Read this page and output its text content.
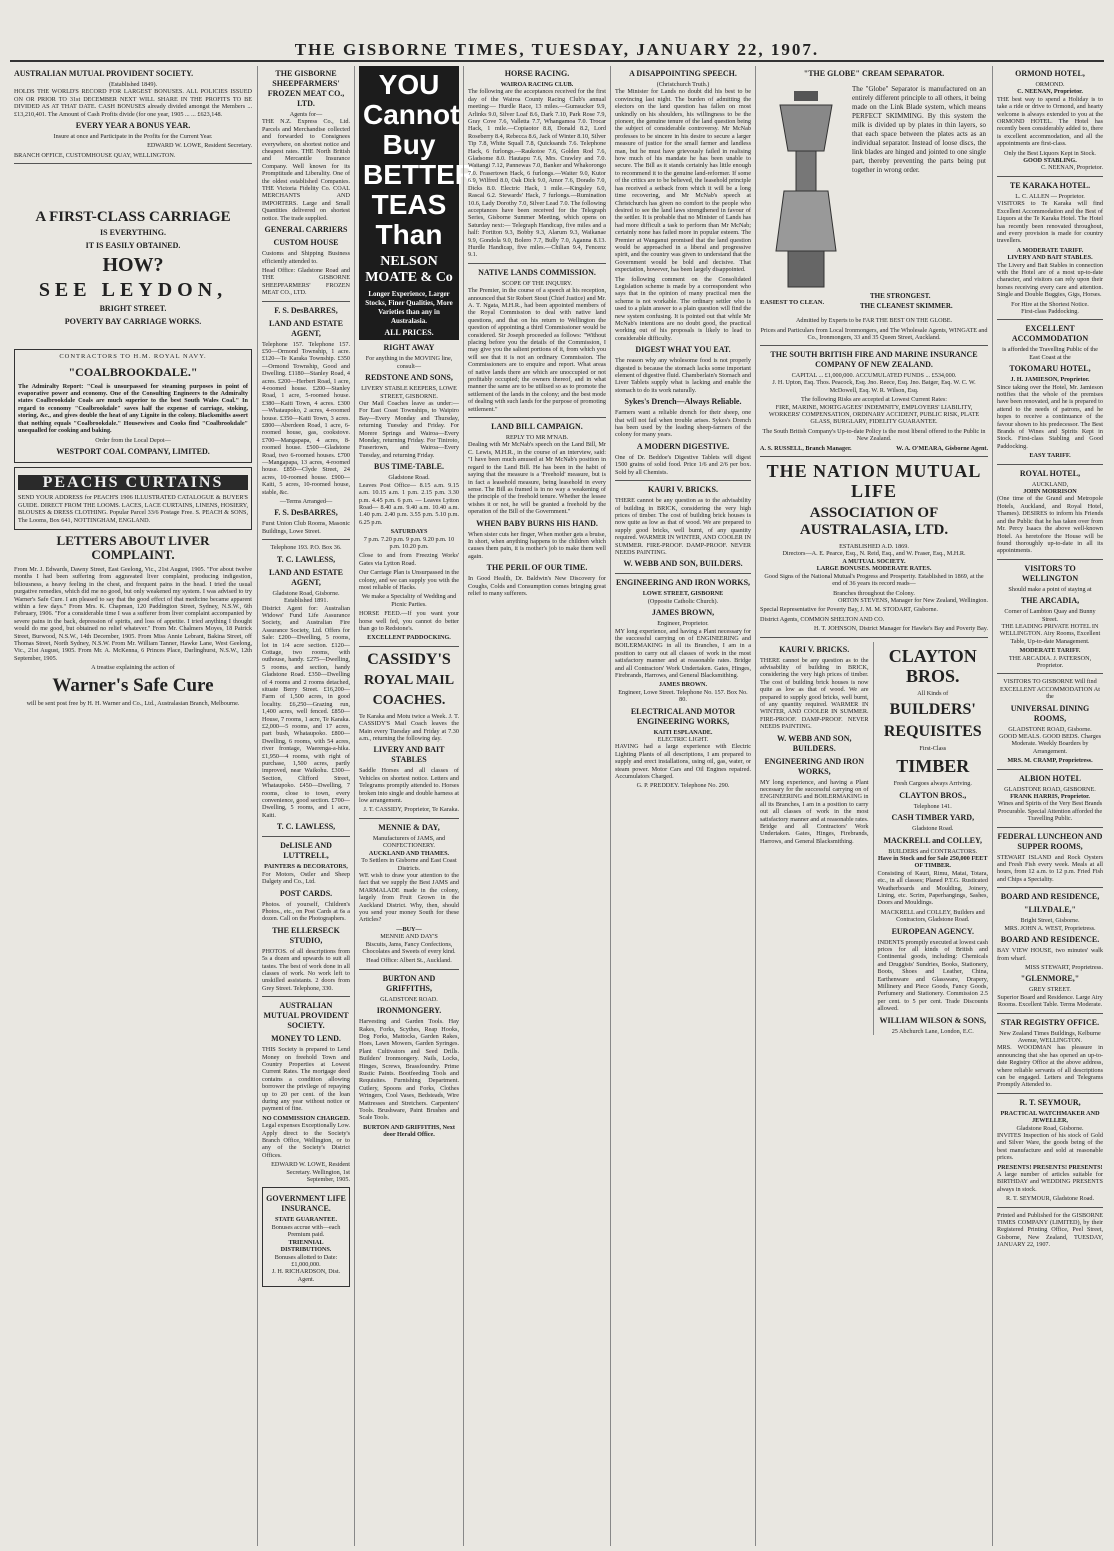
THE GISBORNE TIMES, TUESDAY, JANUARY 22, 1907.
AUSTRALIAN MUTUAL PROVIDENT SOCIETY.
(Established 1849).

HOLDS THE WORLD'S RECORD FOR LARGEST BONUSES. ALL POLICIES ISSUED ON OR PRIOR TO 31st DECEMBER NEXT WILL SHARE IN THE PROFITS TO BE DIVIDED AS AT THAT DATE. CASH BONUSES already divided amongst the Members ... £13,210,401. The Amount of Cash Profits divide (for one year, 1905 ... ... £623,148.

EVERY YEAR A BONUS YEAR.

Insure at once and Participate in the Profits for the Current Year.

EDWARD W. LOWE, Resident Secretary.

BRANCH OFFICE, CUSTOMHOUSE QUAY, WELLINGTON.

A FIRST-CLASS CARRIAGE
IS EVERYTHING.
IT IS EASILY OBTAINED.
HOW?
SEE LEYDON,
BRIGHT STREET.
POVERTY BAY CARRIAGE WORKS.
CONTRACTORS TO H.M. ROYAL NAVY.
"COALBROOKDALE."

The Admiralty Report: "Coal is unsurpassed for steaming purposes in point of evaporative power and economy. One of the Consulting Engineers to the Admiralty states Coalbrookdale Coals are much superior to the best South Wales Coal." In regard to economy "Coalbrookdale" saves half the expense of carriage, stoking, storing, &c., and gives double the heat of any Lignite in the colony. Blacksmiths assert that nothing equals "Coalbrookdale." Housewives and Cooks find "Coalbrookdale" unequalled for cooking and baking.

Order from the Local Depot—
WESTPORT COAL COMPANY, LIMITED.
PEACHS CURTAINS

SEND YOUR ADDRESS for PEACH'S 1906 ILLUSTRATED CATALOGUE & BUYER'S GUIDE. DIRECT FROM THE LOOMS. LACES, LACE CURTAINS, LINENS, HOSIERY, BLOUSES & DRESS CLOTHING. Popular Parcel 33/6 Postage Free. S. PEACH & SONS, The Looms, Box 641, NOTTINGHAM, ENGLAND.

LETTERS ABOUT LIVER COMPLAINT.

From Mr. J. Edwards, Dawny Street, East Geelong, Vic., 21st August, 1905. "For about twelve months I had been suffering from aggravated liver complaint, producing indigestion, biliousness, a heavy feeling in the chest, and frequent pains in the head. I tried the usual purgative remedies, which did me no good, but only weakened my system. I was advised to try Warner's Safe Cure. I am pleased to say that the good effect of that medicine became apparent within a few days." From Mrs. K. Chapman, 120 Paddington Street, Sydney, N.S.W., 6th February, 1906. "For a considerable time I was a sufferer from liver complaint accompanied by severe pains in the back, depression of spirits, and loss of appetite. I tried anything I thought would do me good, but obtained no relief whatever." From Mr. Chalmers Moyes, 18 Patrick Street, Burwood, N.S.W., 14th December, 1905. From Miss Annie Lebrant, Bakina Street, off Thomas Street, North Sydney, N.S.W. From Mr. William Tanner, Hawke Lane, West Geelong, Vic., 21st August, 1905. From Mr. A. McKenna, 6 Princes Place, Darlinghurst, N.S.W., 12th September, 1905.

A treatise explaining the action of
Warner's Safe Cure
will be sent post free by H. H. Warner and Co., Ltd., Australasian Branch, Melbourne.
THE GISBORNE SHEEPFARMERS' FROZEN MEAT CO., LTD.
Agents for—

THE N.Z. Express Co., Ltd. Parcels and Merchandise collected and forwarded to Consignees everywhere, on shortest notice and cheapest rates. THE North British and Mercantile Insurance Company. Well known for its Promptitude and Liberality. One of the oldest established Companies. THE Victoria Fidelity Co. COAL MERCHANTS AND IMPORTERS. Large and Small Quantities delivered on shortest notice. The trade supplied.

GENERAL CARRIERS
CUSTOM HOUSE

Customs and Shipping Business efficiently attended to.

Head Office: Gladstone Road and THE GISBORNE SHEEPFARMERS' FROZEN MEAT CO., LTD.

F. S. DesBARRES,
LAND AND ESTATE AGENT,

Telephone 157. Telephone 157. £50—Ormond Township, 1 acre. £120—Te Karaka Township. £350—Ormond Township, Good and Dwelling. £1180—Stanley Road, 4 acres. £200—Herbert Road, 1 acre, 4-roomed house. £200—Stanley Road, 1 acre, 5-roomed house. £380—Kaiti Town, 4 acres. £300—Whataupoko, 2 acres, 4-roomed house. £350—Kaiti Town, 3 acres. £800—Aberdeen Road, 1 acre, 6-roomed house, gas, cookstove. £700—Mangapapa, 4 acres, 8-roomed house. £500—Gladstone Road, two 6-roomed houses. £700—Mangapapa, 13 acres, 4-roomed house. £850—Clyde Street, 24 acres, 10-roomed house. £900—Kaiti, 5 acres, 10-roomed house, stable, &c.

—Terms Arranged—
F. S. DesBARRES,

Furst Union Club Rooms, Masonic Buildings, Lowe Street.

Telephone 193. P.O. Box 36.
T. C. LAWLESS,
LAND AND ESTATE AGENT,
Gladstone Road, Gisborne.
Established 1891.

District Agent for: Australian Widows' Fund Life Assurance Society, and Australian Fire Assurance Society, Ltd. Offers for Sale: £200—Dwelling, 5 rooms, lot in 1/4 acre section. £120—Cottage, two rooms, with outhouse, handy. £275—Dwelling, 5 rooms, and section, handy Gladstone Road. £350—Dwelling of 4 rooms and 2 rooms detached, situate Berry Street. £16,200—Farm of 1,500 acres, in good locality. £6,250—Grazing run, 1,400 acres, well fenced. £850—House, 7 rooms, 1 acre, Te Karaka. £2,000—5 rooms, and 17 acres, part bush, Whataupoko. £800—Dwelling, 6 rooms, with 54 acres, river frontage, Waerenga-a-hika. £1,950—4 rooms, with right of purchase, 1,500 acres, partly improved, near Waikohu. £300—Section, Clifford Street, Whataupoko. £450—Dwelling, 7 rooms, close to town, every convenience, good section. £700—Dwelling, 5 rooms, and 1 acre, Kaiti.

T. C. LAWLESS,
DeLISLE AND LUTTRELL,
PAINTERS & DECORATORS,

For Motors, Ostler and Sheep Dalgety and Co., Ltd.

POST CARDS.

Photos. of yourself, Children's Photos., etc., on Post Cards at 6s a dozen. Call on the Photographers.

THE ELLERSECK STUDIO,

PHOTOS. of all descriptions from 5s a dozen and upwards to suit all tastes. The best of work done in all classes of work. No work left to unskilled assistants. 2 doors from Grey Street. Telephone, 330.

AUSTRALIAN MUTUAL PROVIDENT SOCIETY.
MONEY TO LEND.

THIS Society is prepared to Lend Money on freehold Town and Country Properties at Lowest Current Rates. The mortgage deed contains a condition allowing borrower the privilege of repaying up to 20 per cent. of the loan during any year without notice or payment of fine.

NO COMMISSION CHARGED.

Legal expenses Exceptionally Low. Apply direct to the Society's Branch Office, Wellington, or to any of the Society's District Offices.

EDWARD W. LOWE, Resident Secretary. Wellington, 1st September, 1905.

GOVERNMENT LIFE INSURANCE.
STATE GUARANTEE.
Bonuses accrue with—each Premium paid.
TRIENNIAL DISTRIBUTIONS.
Bonuses allotted to Date: £1,000,000.
J. H. RICHARDSON, Dist. Agent.
YOU
Cannot
Buy
BETTER
TEAS
Than
NELSON MOATE & Co
Longer Experience, Larger Stocks, Finer Qualities, More Varieties than any in Australasia.
ALL PRICES.
RIGHT AWAY

For anything in the MOVING line, consult—

REDSTONE AND SONS,
LIVERY STABLE KEEPERS, LOWE STREET, GISBORNE.

Our Mail Coaches leave as under:— For East Coast Townships, to Waipiro Bay—Every Monday and Thursday, returning Tuesday and Friday. For Morere Springs and Wairoa—Every Monday, returning Friday. For Tiniroto, Frasertown, and Wairoa—Every Tuesday, and returning Friday.

BUS TIME-TABLE.
Gladstone Road.

Leaves Post Office— 8.15 a.m. 9.15 a.m. 10.15 a.m. 1 p.m. 2.15 p.m. 3.30 p.m. 4.45 p.m. 6 p.m. — Leaves Lytton Road— 8.40 a.m. 9.40 a.m. 10.40 a.m. 1.40 p.m. 2.40 p.m. 3.55 p.m. 5.10 p.m. 6.25 p.m.

SATURDAYS

7 p.m. 7.20 p.m. 9 p.m. 9.20 p.m. 10 p.m. 10.20 p.m.

Close to and from Freezing Works' Gates via Lytton Road.

Our Carriage Plan is Unsurpassed in the colony, and we can supply you with the most reliable of Hacks.

We make a Speciality of Wedding and Picnic Parties.

HORSE FEED.—If you want your horse well fed, you cannot do better than go to Redstone's.

EXCELLENT PADDOCKING.
CASSIDY'S
ROYAL MAIL
COACHES.

Te Karaka and Motu twice a Week. J. T. CASSIDY'S Mail Coach leaves the Main every Tuesday and Friday at 7.30 a.m., returning the following day.

LIVERY AND BAIT STABLES

Saddle Horses and all classes of Vehicles on shortest notice. Letters and Telegrams promptly attended to. Horses broken into single and double harness at low arrangement.

J. T. CASSIDY, Proprietor, Te Karaka.

MENNIE & DAY,
Manufacturers of JAMS, and CONFECTIONERY.
AUCKLAND AND THAMES.
To Settlers in Gisborne and East Coast Districts.

WE wish to draw your attention to the fact that we supply the Best JAMS and MARMALADE made in the colony, largely from Fruit Grown in the Auckland District. Why, then, should you send your money South for these Articles?

—BUY—
MENNIE AND DAY'S

Biscuits, Jams, Fancy Confections, Chocolates and Sweets of every kind.

Head Office: Albert St., Auckland.

BURTON AND GRIFFITHS,
GLADSTONE ROAD.
IRONMONGERY.

Harvesting and Garden Tools. Hay Rakes, Forks, Scythes, Reap Hooks, Dog Forks, Mattocks, Garden Rakes, Hoes, Lawn Mowers, Garden Syringes. Plant Cultivators and Seed Drills. Builders' Ironmongery. Nails, Locks, Hinges, Screws, Brassfoundry. Prime Rustic Paints. Bootfeeding Tools and Requisites. Furnishing Department. Cutlery, Spoons and Forks, Clothes Wringers, Cool Vases, Bedsteads, Wire Mattresses and Stretchers. Carpenters' Tools. Brushware, Paint Brushes and Scale Tools.

BURTON AND GRIFFITHS, Next door Herald Office.

HORSE RACING.
WAIROA RACING CLUB.

The following are the acceptances received for the first day of the Wairoa County Racing Club's annual meeting:— Hurdle Race, 13 miles.—Gumsucker 9.9, Arlinks 9.0, Silver Loaf 8.6, Dark 7.10, Park Rose 7.9, Gray Cove 7.6, Valletta 7.7, Whangamoa 7.0. Trocar Hack, 1 mile.—Copiaotor 8.8, Donald 8.2, Lord Roseberry 8.4, Rebecca 8.6, Jack of Winter 8.10, Silver Tip 7.8, White Squall 7.8, Quicksands 7.6. Telephone Hack, 6 furlongs.—Raukotoe 7.6, Golden Rod 7.6, Gladsome 8.0. Hautapu 7.6, Mrs. Crawley and 7.0. Waitangi 7.12, Pannewas 7.0, Banker and Whakorongo 7.0. Frasertown Hack, 6 furlongs.—Waiter 9.0, Kutor 6.9, Wilfred 8.0, Oak Dick 9.0, Amor 7.6, Dorado 7.0, Dicks 8.0. Electric Hack, 1 mile.—Kingsley 6.0, Rascal 6.2. Stewards' Hack, 7 furlongs.—Rumination 10.6, Lady Dorothy 7.0, Silver Lead 7.0. The following acceptances have been received for the Telegraph Series, Gisborne Summer Meeting, which opens on Saturday next:— Telegraph Handicap, five miles and a half: Fortiton 9.3, Bobby 9.3, Alarum 9.3, Waikanae 9.9, Gondola 9.0, Bolero 7.7, Bully 7.0, Aganna 8.13. Hurdle Handicap, five miles.—Chilian 9.4, Fencenz 9.1.

NATIVE LANDS COMMISSION.
SCOPE OF THE INQUIRY.

The Premier, in the course of a speech at his reception, announced that Sir Robert Stout (Chief Justice) and Mr. A. T. Ngata, M.H.R., had been appointed members of the Royal Commission to deal with native land questions, and that on his return to Wellington the question of appointing a third Commissioner would be considered. Sir Joseph proceeded as follows: "Without placing before you the details of the Commission, I may give you the salient portions of it, from which you will see that it is not an ordinary Commission. The Commissioners are to enquire and report. What areas of native lands there are which are unoccupied or not profitably occupied; the owners thereof, and in what manner the same are to be utilised so as to promote the settlement of the lands in the colony; and the best mode of dealing with such lands for the purpose of promoting settlement."

LAND BILL CAMPAIGN.
REPLY TO MR M'NAB.

Dealing with Mr McNab's speech on the Land Bill, Mr C. Lewis, M.H.R., in the course of an interview, said: "I have been much amused at Mr McNab's position in regard to the Land Bill. He has been in the habit of saying that the measure is a 'Freehold' measure, but is in fact a leasehold measure, being leasehold in every sense. The Bill as framed is in no way a weakening of the principle of the freehold tenure. Whether the lessee wishes it or not, he will be granted a freehold by the operation of the Bill of the Government."

WHEN BABY BURNS HIS HAND.

When sister cuts her finger, When mother gets a bruise, In short, when anything happens to the children which causes them pain, it is mother's job to make them well again.

THE PERIL OF OUR TIME.

In Good Health, Dr. Baldwin's New Discovery for Coughs, Colds and Consumption comes bringing great relief to many sufferers.

A DISAPPOINTING SPEECH.
(Christchurch Truth.)

The Minister for Lands no doubt did his best to be convincing last night. The burden of admitting the electors on the land question has fallen on most unkindly on his shoulders, his willingness to be the pioneer, the genuine tenure of the land question being the subject of considerable controversy. Mr McNab professes to be sincere in his desire to secure a larger measure of justice for the small farmer and landless man, but he must have grievously failed in realising how much of his mandate he has been unable to secure. The Bill as it stands certainly has little enough to recommend it to the genuine land-reformer. If some of the critics are to be believed, the leasehold principle has received a setback from which it will be a long time recovering, and Mr McNab's speech at Christchurch has given no comfort to the people who desired to see the land laws strengthened in favour of the settler. It is probable that no Minister of Lands has had more difficult a task to perform than Mr McNab; certainly none has failed more in popular esteem. The Premier at Wanganui promised that the land question would be approached in a liberal and progressive spirit, and the country was given to understand that the Government would be bold and decisive. That expectation, however, has been largely disappointed.

The following comment on the Consolidated Legislation scheme is made by a correspondent who says that in the opinion of many practical men the scheme is not workable. The ordinary settler who is used to a plain answer to a plain question will find the new system confusing. It is pointed out that while Mr McNab's intentions are no doubt good, the practical working out of his proposals is likely to lead to considerable difficulty.

DIGEST WHAT YOU EAT.

The reason why any wholesome food is not properly digested is because the stomach lacks some important element of digestive fluid. Chamberlain's Stomach and Liver Tablets supply what is lacking and enable the stomach to do its work naturally.

Sykes's Drench—Always Reliable.

Farmers want a reliable drench for their sheep, one that will not fail when trouble arises. Sykes's Drench has been used by the leading sheep-farmers of the colony for many years.

A MODERN DIGESTIVE.

One of Dr. Beddoe's Digestive Tablets will digest 1500 grains of solid food. Price 1/6 and 2/6 per box. Sold by all Chemists.

KAURI V. BRICKS.

THERE cannot be any question as to the advisability of building in BRICK, considering the very high prices of timber. The cost of building brick houses is now quite as low as that of wood. We are prepared to supply good bricks, well burnt, of any quantity required. WARMER IN WINTER, AND COOLER IN SUMMER. FIRE-PROOF. DAMP-PROOF. NEVER NEEDS PAINTING.

W. WEBB AND SON, BUILDERS.
ENGINEERING AND IRON WORKS,
LOWE STREET, GISBORNE
(Opposite Catholic Church).
JAMES BROWN,
Engineer, Proprietor.

MY long experience, and having a Plant necessary for the successful carrying on of ENGINEERING and BOILERMAKING in all its Branches, I am in a position to carry out all classes of work in the most satisfactory manner and at reasonable rates. Bridge and all Contractors' Work Undertaken. Gates, Hinges, Firebrands, Harrows, and General Blacksmithing.

JAMES BROWN.

Engineer, Lowe Street. Telephone No. 157. Box No. 80.

ELECTRICAL AND MOTOR ENGINEERING WORKS,
KAITI ESPLANADE.
ELECTRIC LIGHT.

HAVING had a large experience with Electric Lighting Plants of all descriptions, I am prepared to supply and erect installations, using oil, gas, water, or steam power. Motor Cars and Oil Engines repaired. Accumulators Charged.

G. P. PREDDEY. Telephone No. 290.

"THE GLOBE" CREAM SEPARATOR.

The "Globe" Separator is manufactured on an entirely different principle to all others, it being made on the Link Blade system, which means PERFECT SKIMMING. By this system the milk is divided up by plates in thin layers, so that each space between the plates acts as an individual separator. Instead of loose discs, the link blades are hinged and jointed to one single part, thereby preventing the parts being put together in wrong order.

EASIEST TO CLEAN.
THE STRONGEST.
THE CLEANEST SKIMMER.
Admitted by Experts to be FAR THE BEST ON THE GLOBE.
Prices and Particulars from Local Ironmongers, and The Wholesale Agents, WINGATE and Co., Ironmongers, 33 and 35 Queen Street, Auckland.
THE SOUTH BRITISH FIRE AND MARINE INSURANCE COMPANY OF NEW ZEALAND.
CAPITAL ... £1,000,000. ACCUMULATED FUNDS ... £534,000.

J. H. Upton, Esq. Thos. Peacock, Esq. Jno. Reece, Esq. Jno. Batger, Esq. W. C. W. McDowell, Esq. W. R. Wilson, Esq.

The following Risks are accepted at Lowest Current Rates:

FIRE, MARINE, MORTGAGEES' INDEMNITY, EMPLOYERS' LIABILITY, WORKERS' COMPENSATION, ORDINARY ACCIDENT, PUBLIC RISK, PLATE GLASS, BURGLARY, FIDELITY GUARANTEE.

The South British Company's Up-to-date Policy is the most liberal offered to the Public in New Zealand.

A. S. RUSSELL, Branch Manager.	W. A. O'MEARA, Gisborne Agent.
THE NATION MUTUAL LIFE
ASSOCIATION OF AUSTRALASIA, LTD.
ESTABLISHED A.D. 1869.
Directors—A. E. Pearce, Esq., N. Reid, Esq., and W. Fraser, Esq., M.H.R.
A MUTUAL SOCIETY.
LARGE BONUSES. MODERATE RATES.

Good Signs of the National Mutual's Progress and Prosperity. Established in 1869, at the end of 36 years its record reads—

Branches throughout the Colony.

ORTON STEVENS, Manager for New Zealand, Wellington.

Special Representative for Poverty Bay, J. M. M. STODART, Gisborne.

District Agents, COMMON SHELTON AND CO.

H. T. JOHNSON, District Manager for Hawke's Bay and Poverty Bay.

KAURI V. BRICKS.

THERE cannot be any question as to the advisability of building in BRICK, considering the very high prices of timber. The cost of building brick houses is now quite as low as that of wood. We are prepared to supply good bricks, well burnt, of any quantity required. WARMER IN WINTER, AND COOLER IN SUMMER. FIRE-PROOF. DAMP-PROOF. NEVER NEEDS PAINTING.

W. WEBB AND SON, BUILDERS.
ENGINEERING AND IRON WORKS,

MY long experience, and having a Plant necessary for the successful carrying on of ENGINEERING and BOILERMAKING in all its Branches, I am in a position to carry out all classes of work in the most satisfactory manner and at reasonable rates. Bridge and all Contractors' Work Undertaken. Gates, Hinges, Firebrands, Harrows, and General Blacksmithing.

CLAYTON BROS.
All Kinds of
BUILDERS'
REQUISITES
First-Class
TIMBER
Fresh Cargoes always Arriving.
CLAYTON BROS.,
Telephone 141.
CASH TIMBER YARD,
Gladstone Road.
MACKRELL and COLLEY,
BUILDERS and CONTRACTORS.
Have in Stock and for Sale 250,000 FEET OF TIMBER.

Consisting of Kauri, Rimu, Matai, Totara, etc., in all classes; Planed P.T.G. Rusticated Weatherboards and Moulding, Joinery, Lining, etc. Scrim, Paperhangings, Sashes, Doors and Mouldings.

MACKRELL and COLLEY, Builders and Contractors, Gladstone Road.

EUROPEAN AGENCY.

INDENTS promptly executed at lowest cash prices for all kinds of British and Continental goods, including: Chemicals and Druggists' Sundries, Books, Stationery, Boots, Shoes and Leather, China, Earthenware and Glassware, Drapery, Millinery and Piece Goods, Fancy Goods, Perfumery and Stationery. Commission 2.5 per cent. to 5 per cent. Trade Discounts allowed.

WILLIAM WILSON & SONS,
25 Abchurch Lane, London, E.C.
ORMOND HOTEL,
ORMOND.
C. NEENAN, Proprietor.

THE best way to spend a Holiday is to take a ride or drive to Ormond, and hearty welcome is always extended to you at the ORMOND HOTEL. The Hotel has recently been considerably added to, there is excellent accommodation, and all the appointments are first-class.

Only the Best Liquors Kept in Stock.
GOOD STABLING.
C. NEENAN, Proprietor.
TE KARAKA HOTEL.
L. C. ALLEN — Proprietor.

VISITORS to Te Karaka will find Excellent Accommodation and the Best of Liquors at the Te Karaka Hotel. The Hotel has recently been renovated throughout, and every provision is made for country travellers.

A MODERATE TARIFF.
LIVERY AND BAIT STABLES.

The Livery and Bait Stables in connection with the Hotel are of a most up-to-date character, and visitors can rely upon their horses receiving every care and attention. Single and Double Buggies, Gigs, Horses.

For Hire at the Shortest Notice.
First-class Paddocking.
EXCELLENT ACCOMMODATION
is afforded the Travelling Public of the East Coast at the
TOKOMARU HOTEL,
J. H. JAMIESON, Proprietor.

Since taking over the Hotel, Mr. Jamieson notifies that the whole of the premises have been renovated, and he is prepared to attend to the needs of patrons, and he hopes to receive a continuance of the favour shown to his predecessor. The Best Brands of Wines and Spirits Kept in Stock. First-class Stabling and Good Paddocking.

EASY TARIFF.
ROYAL HOTEL,
AUCKLAND,
JOHN MORRISON

(One time of the Grand and Metropole Hotels, Auckland, and Royal Hotel, Thames). DESIRES to inform his Friends and the Public that he has taken over from Mr. Percy Isaacs the above well-known Hotel. As heretofore the House will be found thoroughly up-to-date in all its appointments.

VISITORS TO WELLINGTON
Should make a point of staying at
THE ARCADIA,
Corner of Lambton Quay and Bunny Street.

THE LEADING PRIVATE HOTEL IN WELLINGTON. Airy Rooms, Excellent Table, Up-to-date Management.

MODERATE TARIFF.
THE ARCADIA. J. PATERSON, Proprietor.
VISITORS TO GISBORNE Will find EXCELLENT ACCOMMODATION At the
UNIVERSAL DINING ROOMS,
GLADSTONE ROAD, Gisborne.

GOOD MEALS. GOOD BEDS. Charges Moderate. Weekly Boarders by Arrangement.

MRS. M. CRAMP, Proprietress.
ALBION HOTEL
GLADSTONE ROAD, GISBORNE.
FRANK HARRIS, Proprietor.

Wines and Spirits of the Very Best Brands Procurable. Special Attention afforded the Travelling Public.

FEDERAL LUNCHEON AND SUPPER ROOMS,

STEWART ISLAND and Rock Oysters and Fresh Fish every week. Meals at all hours, from 12 a.m. to 12 p.m. Fried Fish and Chips a Speciality.

BOARD AND RESIDENCE,
"LILYDALE,"
Bright Street, Gisborne.
MRS. JOHN A. WEST, Proprietress.
BOARD AND RESIDENCE.

BAY VIEW HOUSE, two minutes' walk from wharf.

MISS STEWART, Proprietress.
"GLENMORE,"
GREY STREET.

Superior Board and Residence. Large Airy Rooms. Excellent Table. Terms Moderate.

STAR REGISTRY OFFICE.
New Zealand Times Buildings, Kelburne Avenue, WELLINGTON.

MRS. WOODMAN has pleasure in announcing that she has opened an up-to-date Registry Office at the above address, where reliable servants of all descriptions can be engaged. Letters and Telegrams Promptly Attended to.

R. T. SEYMOUR,
PRACTICAL WATCHMAKER AND JEWELLER,
Gladstone Road, Gisborne.

INVITES Inspection of his stock of Gold and Silver Ware, the goods being of the best manufacture and sold at reasonable prices.

PRESENTS! PRESENTS! PRESENTS!

A large number of articles suitable for BIRTHDAY and WEDDING PRESENTS always in stock.

R. T. SEYMOUR, Gladstone Road.

Printed and Published for the GISBORNE TIMES COMPANY (LIMITED), by their Registered Printing Office, Peel Street, Gisborne, New Zealand, TUESDAY, JANUARY 22, 1907.
